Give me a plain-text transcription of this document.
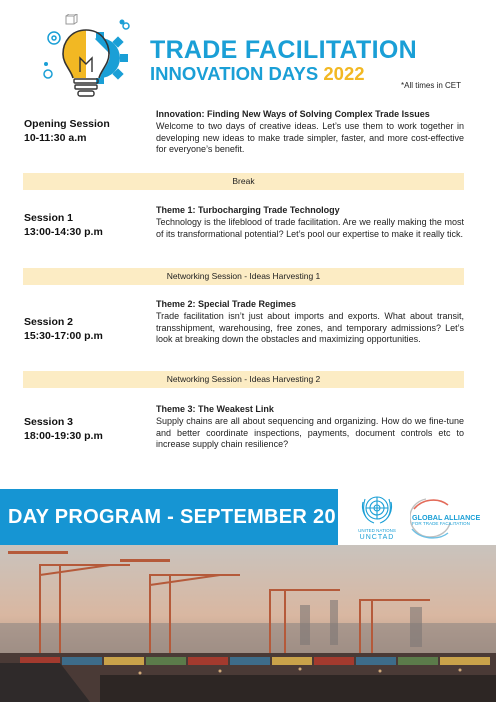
TRADE FACILITATION
INNOVATION DAYS 2022
*All times in CET
Opening Session
10-11:30 a.m
Innovation: Finding New Ways of Solving Complex Trade Issues
Welcome to two days of creative ideas. Let’s use them to work together in developing new ideas to make trade simpler, faster, and more cost-effective for everyone’s benefit.
Break
Session 1
13:00-14:30 p.m
Theme 1: Turbocharging Trade Technology
Technology is the lifeblood of trade facilitation. Are we really making the most of its transformational potential? Let’s pool our expertise to make it really tick.
Networking Session - Ideas Harvesting 1
Session 2
15:30-17:00 p.m
Theme 2: Special Trade Regimes
Trade facilitation isn’t just about imports and exports. What about transit, transshipment, warehousing, free zones, and temporary admissions? Let’s look at breaking down the obstacles and maximizing opportunities.
Networking Session - Ideas Harvesting 2
Session 3
18:00-19:30 p.m
Theme 3: The Weakest Link
Supply chains are all about sequencing and organizing. How do we fine-tune and better coordinate inspections, payments, document controls etc to increase supply chain resilience?
DAY PROGRAM - SEPTEMBER 20
UNITED NATIONS
UNCTAD
GLOBAL ALLIANCE
FOR TRADE FACILITATION
